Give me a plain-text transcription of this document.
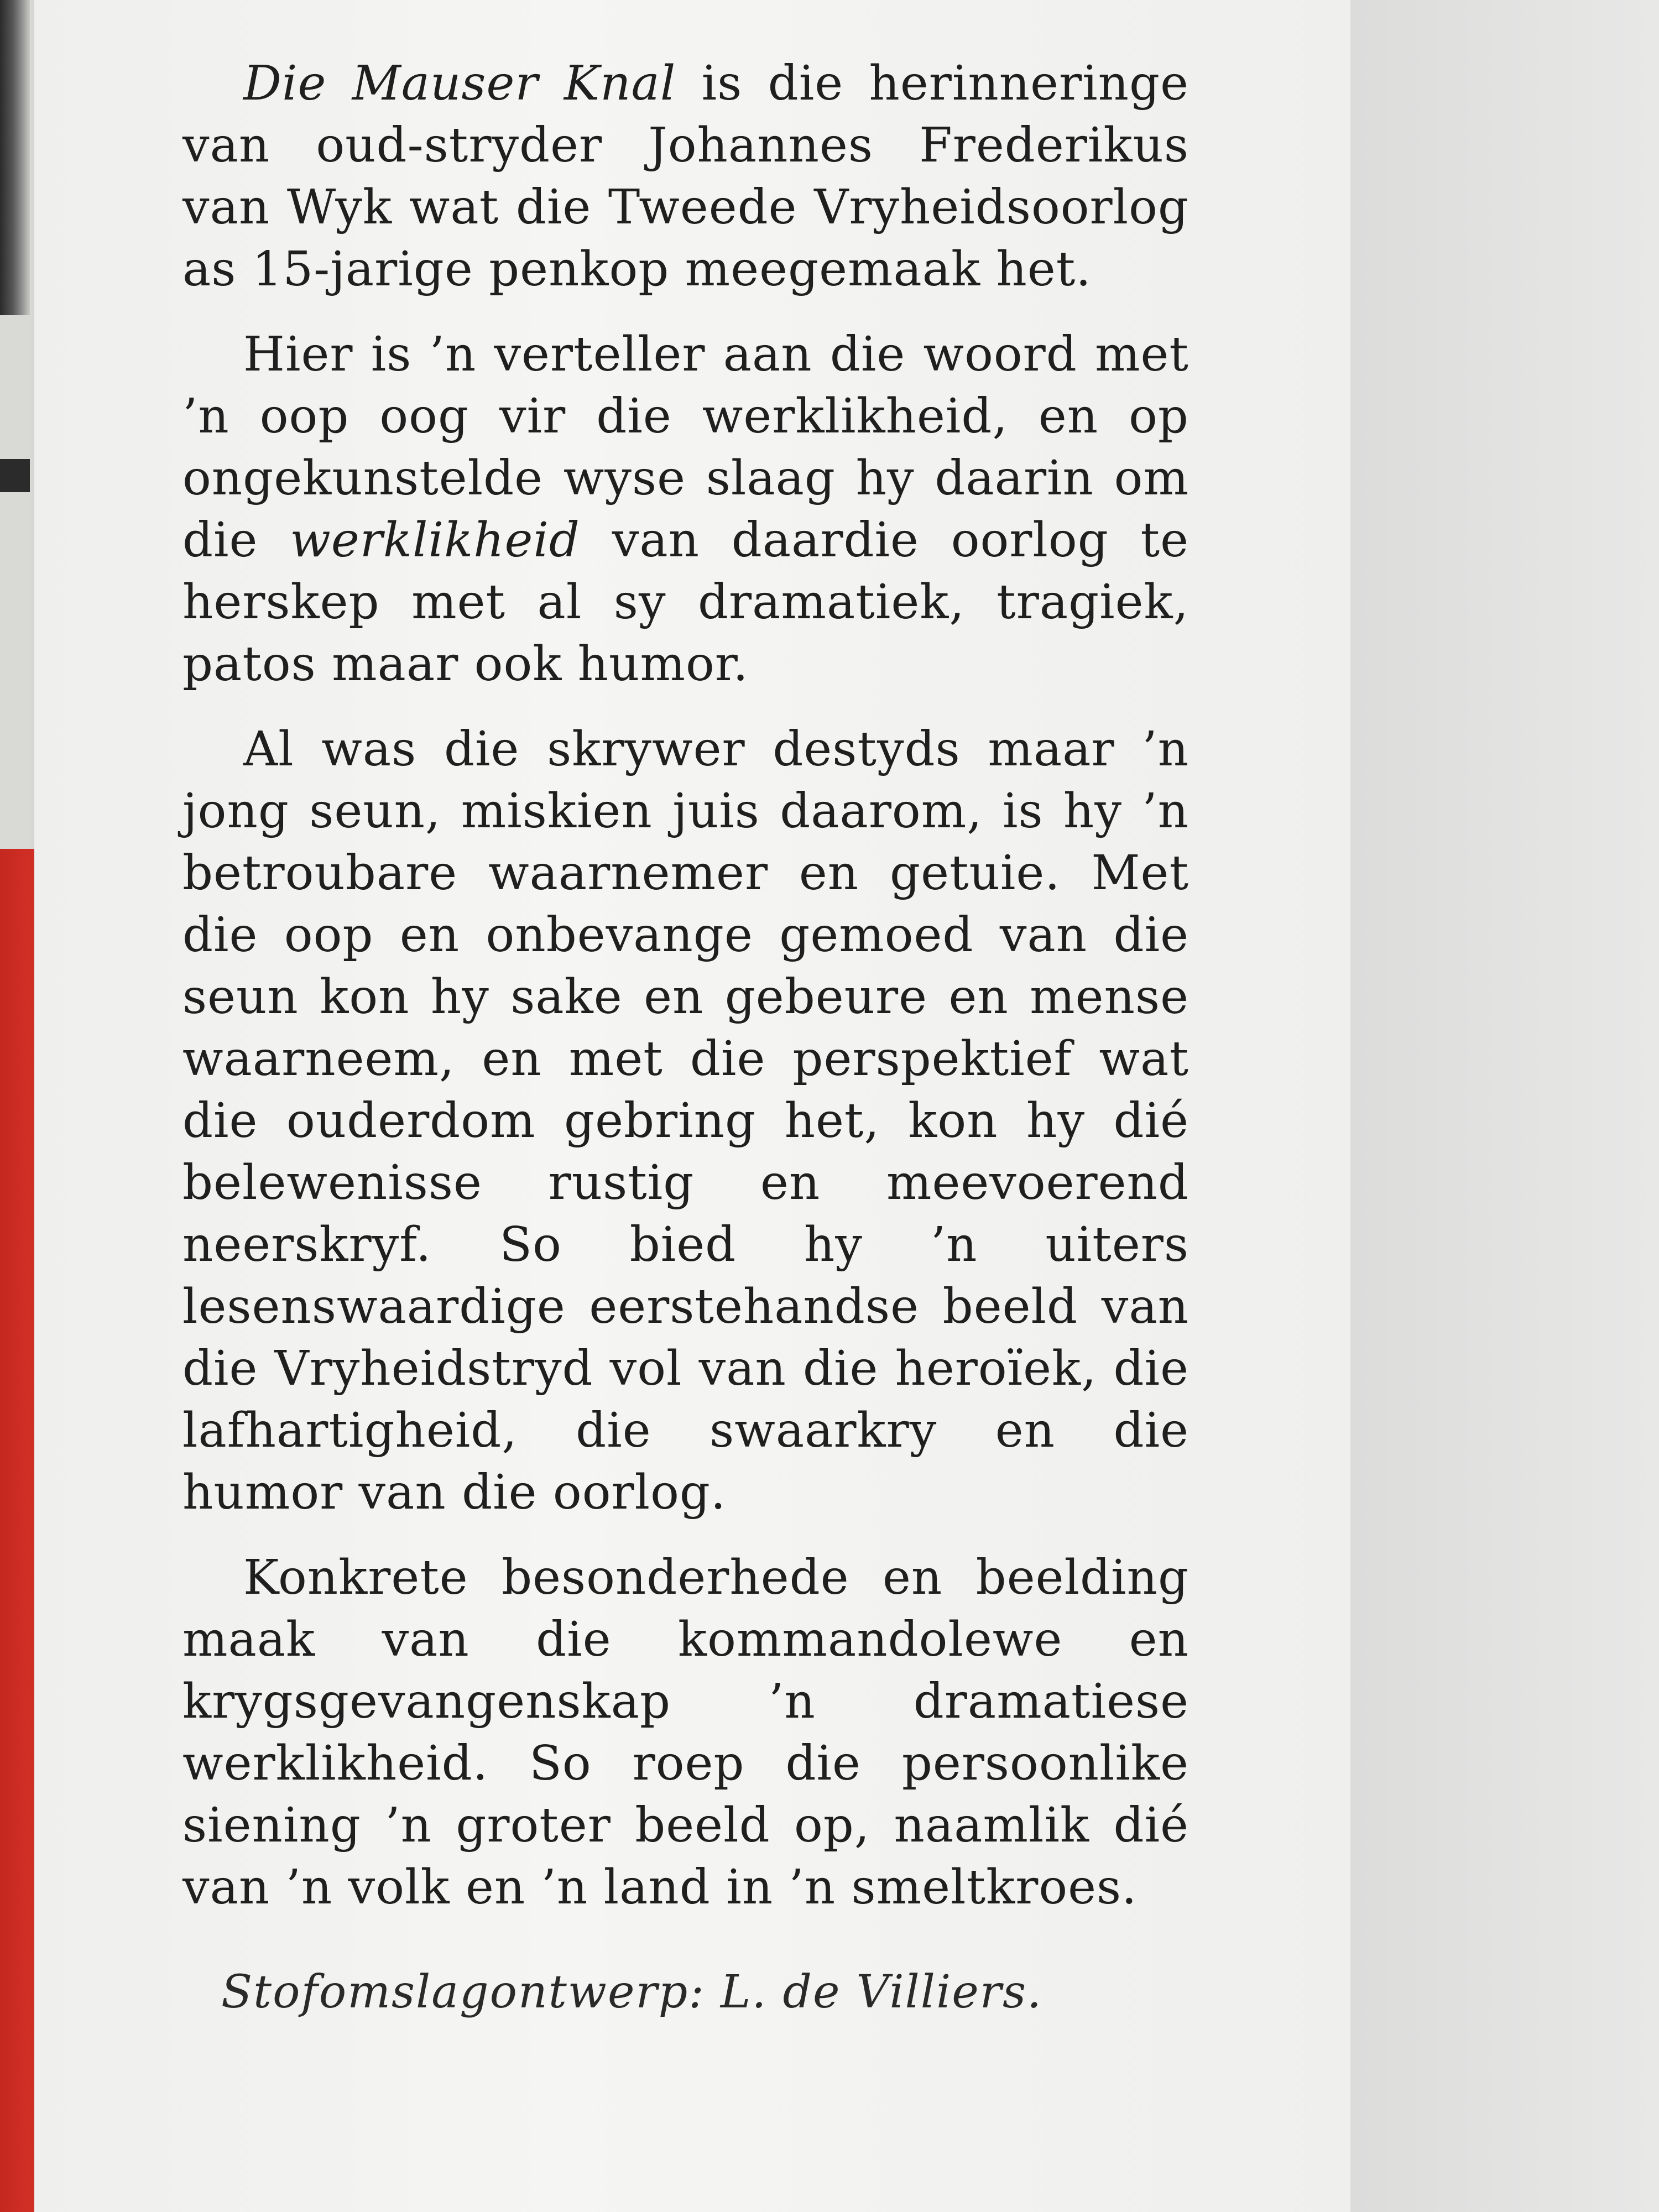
Die Mauser Knal is die herinneringe van oud-stryder Johannes Frederikus van Wyk wat die Tweede Vryheidsoorlog as 15-jarige penkop meegemaak het.

Hier is ’n verteller aan die woord met ’n oop oog vir die werklikheid, en op ongekunstelde wyse slaag hy daarin om die werklikheid van daardie oorlog te herskep met al sy dramatiek, tragiek, patos maar ook humor.

Al was die skrywer destyds maar ’n jong seun, miskien juis daarom, is hy ’n betroubare waarnemer en getuie. Met die oop en onbevange gemoed van die seun kon hy sake en gebeure en mense waarneem, en met die perspektief wat die ouderdom gebring het, kon hy dié belewenisse rustig en meevoerend neerskryf. So bied hy ’n uiters lesenswaardige eerstehandse beeld van die Vryheidstryd vol van die heroïek, die lafhartigheid, die swaarkry en die humor van die oorlog.

Konkrete besonderhede en beelding maak van die kommandolewe en krygsgevangenskap ’n dramatiese werklikheid. So roep die persoonlike siening ’n groter beeld op, naamlik dié van ’n volk en ’n land in ’n smeltkroes.

Stofomslagontwerp: L. de Villiers.
